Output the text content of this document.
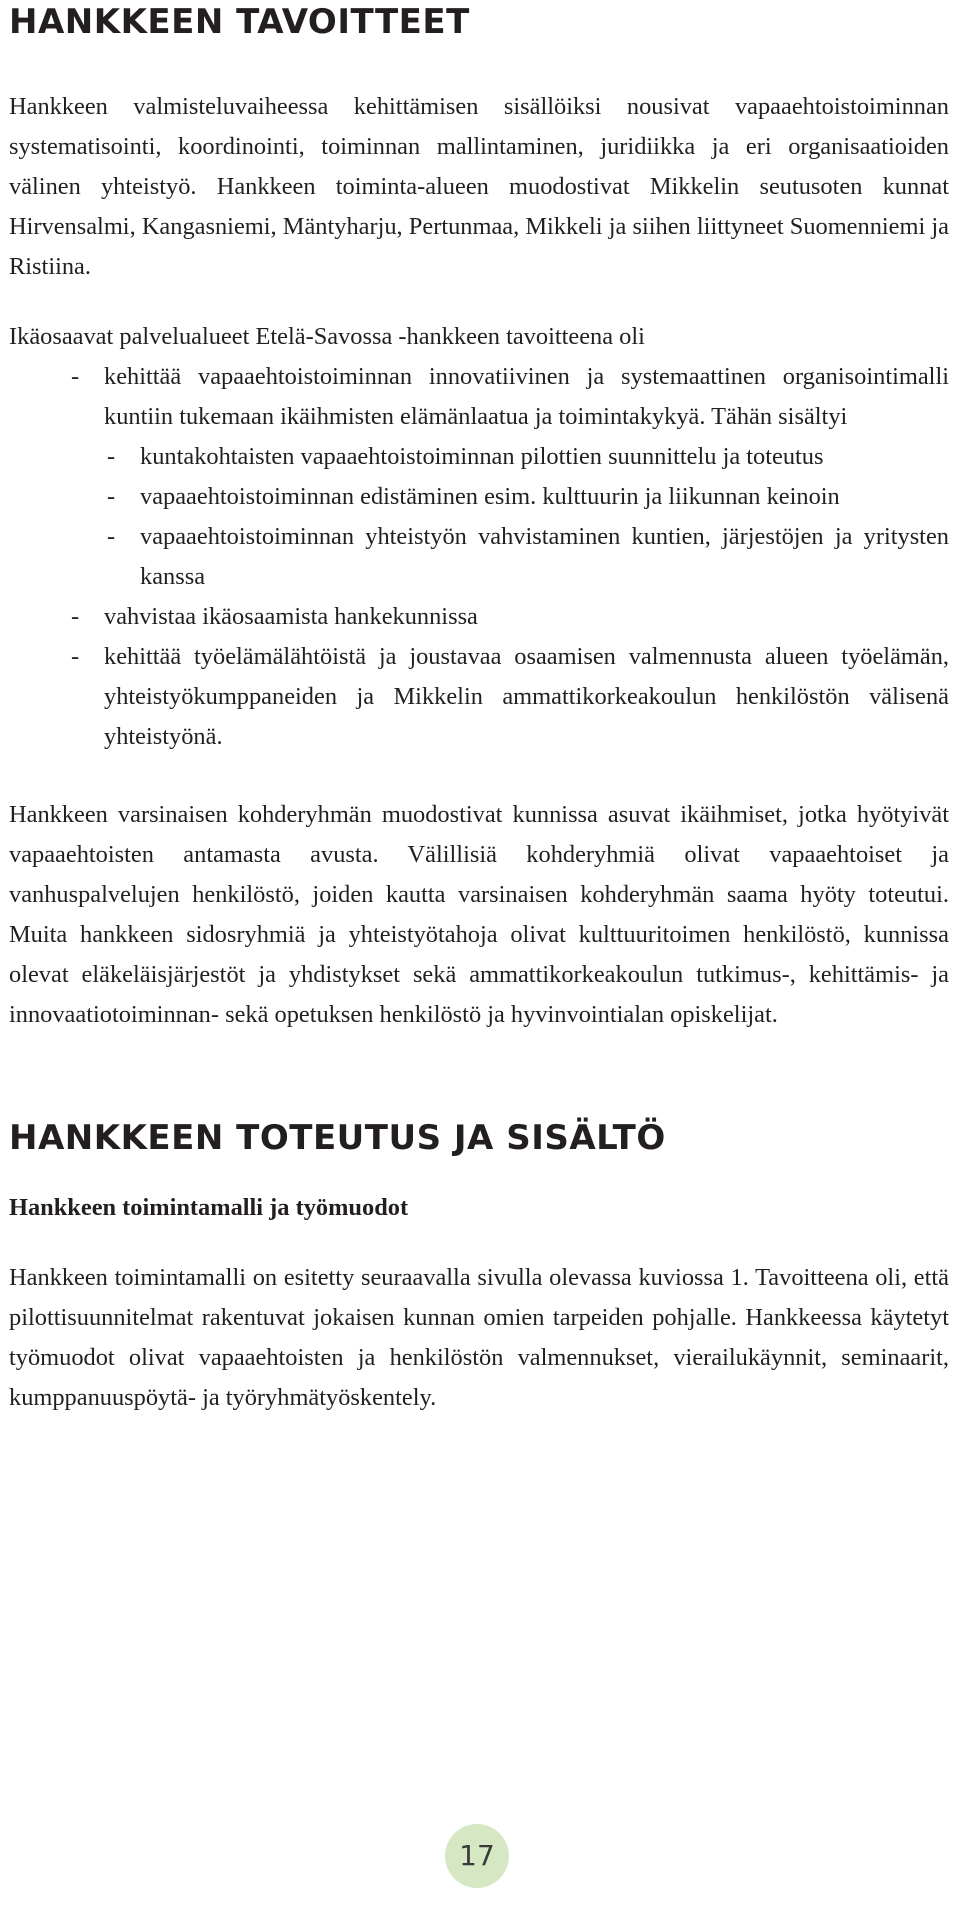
HANKKEEN TAVOITTEET

Hankkeen valmisteluvaiheessa kehittämisen sisällöiksi nousivat vapaaehtoistoiminnan systematisointi, koordinointi, toiminnan mallintaminen, juridiikka ja eri organisaatioiden välinen yhteistyö. Hankkeen toiminta-alueen muodostivat Mikkelin seutusoten kunnat Hirvensalmi, Kangasniemi, Mäntyharju, Pertunmaa, Mikkeli ja siihen liittyneet Suomenniemi ja Ristiina.

Ikäosaavat palvelualueet Etelä-Savossa -hankkeen tavoitteena oli

- kehittää vapaaehtoistoiminnan innovatiivinen ja systemaattinen organisointimalli kuntiin tukemaan ikäihmisten elämänlaatua ja toimintakykyä. Tähän sisältyi
- kuntakohtaisten vapaaehtoistoiminnan pilottien suunnittelu ja toteutus
- vapaaehtoistoiminnan edistäminen esim. kulttuurin ja liikunnan keinoin
- vapaaehtoistoiminnan yhteistyön vahvistaminen kuntien, järjestöjen ja yritysten kanssa
- vahvistaa ikäosaamista hankekunnissa
- kehittää työelämälähtöistä ja joustavaa osaamisen valmennusta alueen työelämän, yhteistyökumppaneiden ja Mikkelin ammattikorkeakoulun henkilöstön välisenä yhteistyönä.

Hankkeen varsinaisen kohderyhmän muodostivat kunnissa asuvat ikäihmiset, jotka hyötyivät vapaaehtoisten antamasta avusta. Välillisiä kohderyhmiä olivat vapaaehtoiset ja vanhuspalvelujen henkilöstö, joiden kautta varsinaisen kohderyhmän saama hyöty toteutui. Muita hankkeen sidosryhmiä ja yhteistyötahoja olivat kulttuuritoimen henkilöstö, kunnissa olevat eläkeläisjärjestöt ja yhdistykset sekä ammattikorkeakoulun tutkimus-, kehittämis- ja innovaatiotoiminnan- sekä opetuksen henkilöstö ja hyvinvointialan opiskelijat.

HANKKEEN TOTEUTUS JA SISÄLTÖ
Hankkeen toimintamalli ja työmuodot

Hankkeen toimintamalli on esitetty seuraavalla sivulla olevassa kuviossa 1. Tavoitteena oli, että pilottisuunnitelmat rakentuvat jokaisen kunnan omien tarpeiden pohjalle. Hankkeessa käytetyt työmuodot olivat vapaaehtoisten ja henkilöstön valmennukset, vierailukäynnit, seminaarit, kumppanuuspöytä- ja työryhmätyöskentely.

17
